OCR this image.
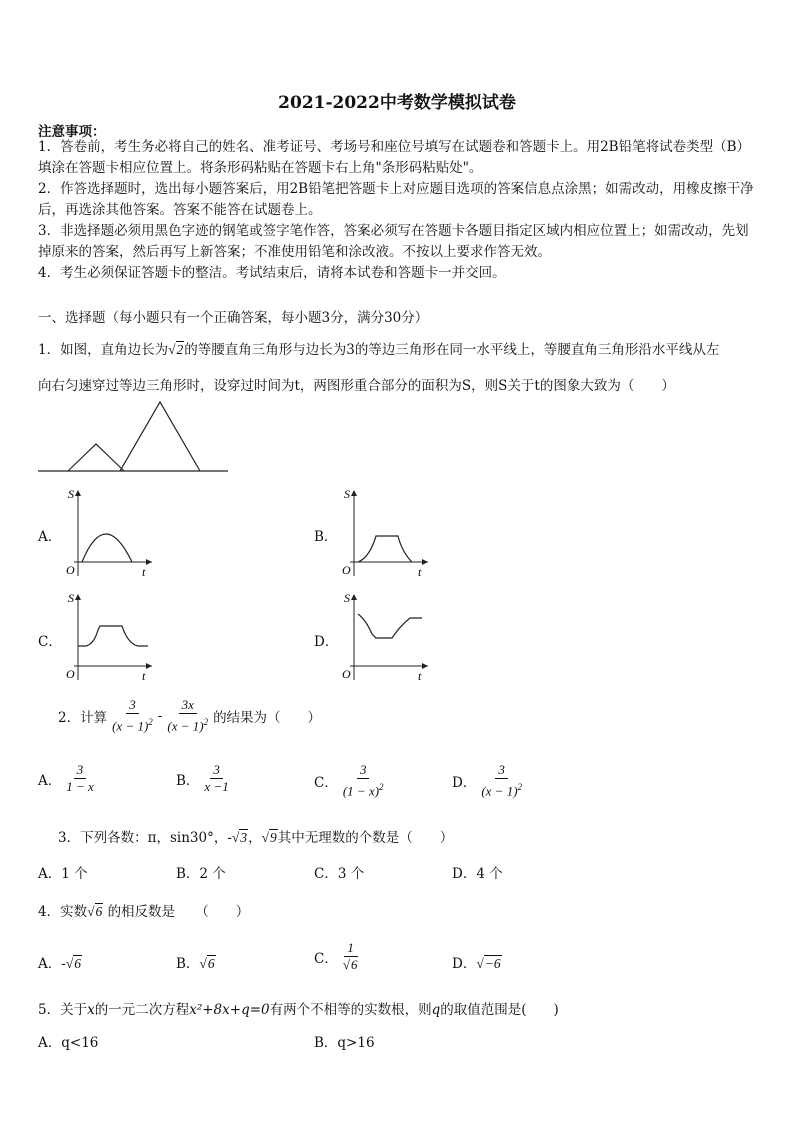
2021-2022中考数学模拟试卷
注意事项：
1．答卷前，考生务必将自己的姓名、准考证号、考场号和座位号填写在试题卷和答题卡上。用2B铅笔将试卷类型（B）填涂在答题卡相应位置上。将条形码粘贴在答题卡右上角"条形码粘贴处"。
2．作答选择题时，选出每小题答案后，用2B铅笔把答题卡上对应题目选项的答案信息点涂黑；如需改动，用橡皮擦干净后，再选涂其他答案。答案不能答在试题卷上。
3．非选择题必须用黑色字迹的钢笔或签字笔作答，答案必须写在答题卡各题目指定区域内相应位置上；如需改动，先划掉原来的答案，然后再写上新答案；不准使用铅笔和涂改液。不按以上要求作答无效。
4．考生必须保证答题卡的整洁。考试结束后，请将本试卷和答题卡一并交回。
一、选择题（每小题只有一个正确答案，每小题3分，满分30分）
1．如图，直角边长为√2的等腰直角三角形与边长为3的等边三角形在同一水平线上，等腰直角三角形沿水平线从左
向右匀速穿过等边三角形时，设穿过时间为t，两图形重合部分的面积为S，则S关于t的图象大致为（　　）
A．
S
O	t
B．
S
O	t
C．
S
O	t
D．
S
O	t
2．计算 $\frac{3}{(x - 1)^2} - \frac{3x}{(x - 1)^2}$ 的结果为（　　）
A． $\frac{3}{1 - x}$	B． $\frac{3}{x -1}$	C． $\frac{3}{(1 - x)^2}$	D． $\frac{3}{(x - 1)^2}$
3．下列各数：π，sin30°，-√3，√9其中无理数的个数是（　　）
A．1 个	B．2 个	C．3 个	D．4 个
4．实数√6 的相反数是　　（　　）
A．-√6	B．√6	C． $\frac{1}{√6}$	D．√−6
5．关于x的一元二次方程x²+8x+q=0有两个不相等的实数根，则q的取值范围是(　　)
A．q<16	B．q>16
